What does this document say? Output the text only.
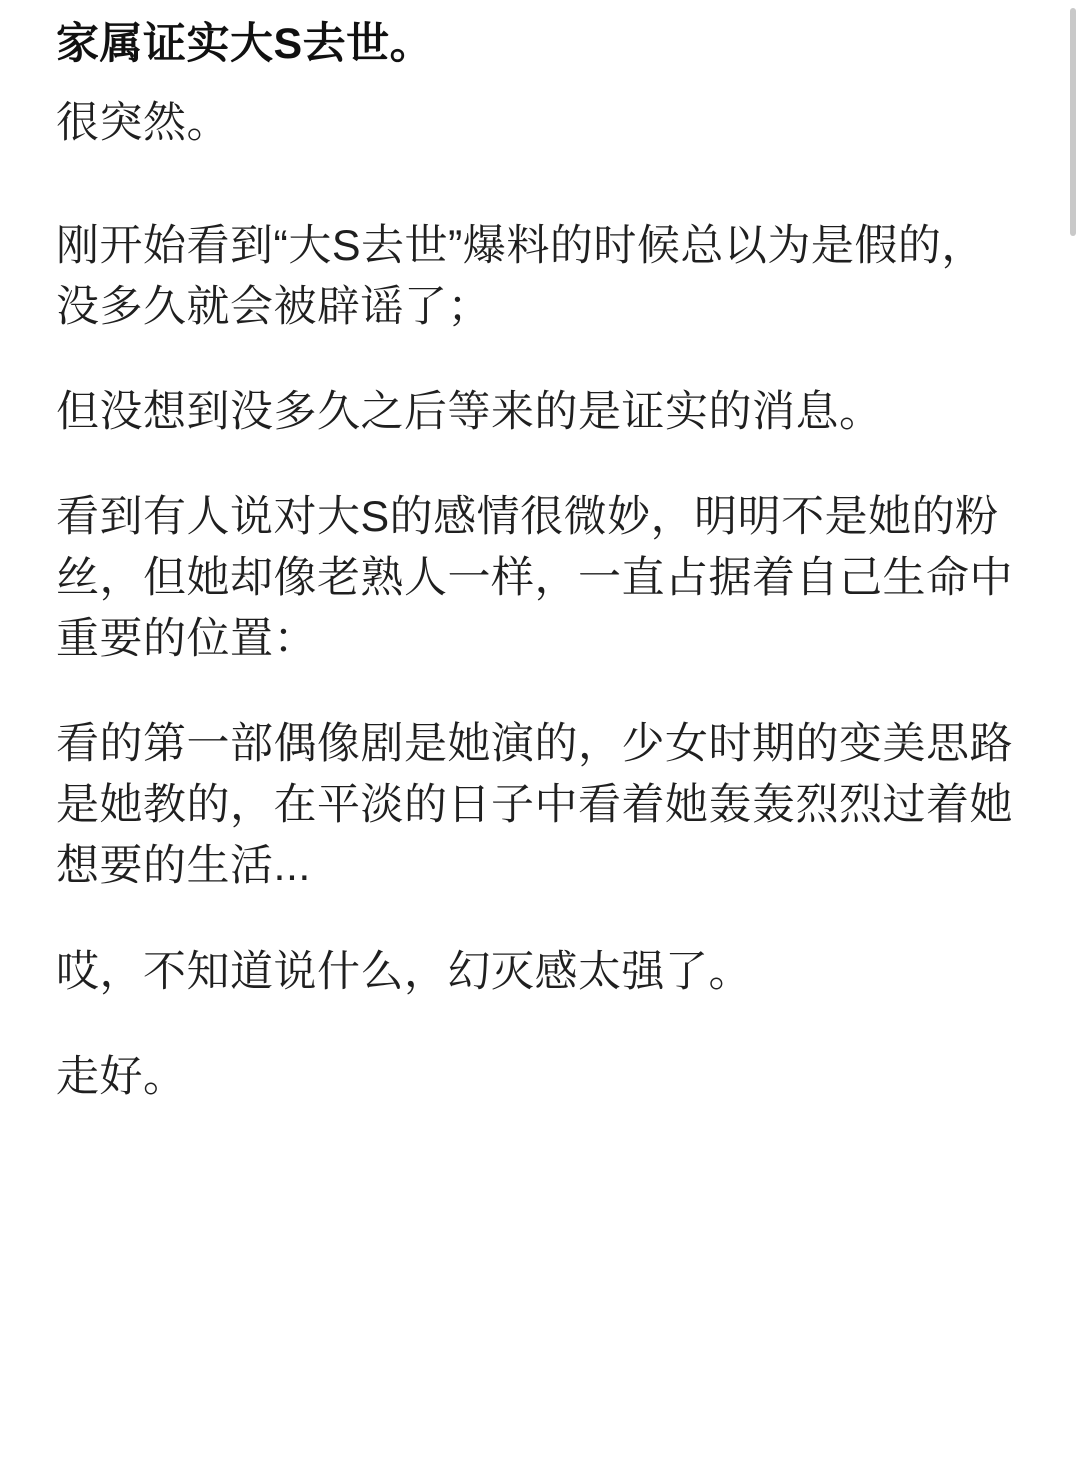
家属证实大S去世。

很突然。

刚开始看到“大S去世”爆料的时候总以为是假的，没多久就会被辟谣了；

但没想到没多久之后等来的是证实的消息。

看到有人说对大S的感情很微妙，明明不是她的粉丝，但她却像老熟人一样，一直占据着自己生命中重要的位置：

看的第一部偶像剧是她演的，少女时期的变美思路是她教的，在平淡的日子中看着她轰轰烈烈过着她想要的生活...

哎，不知道说什么，幻灭感太强了。

走好。
